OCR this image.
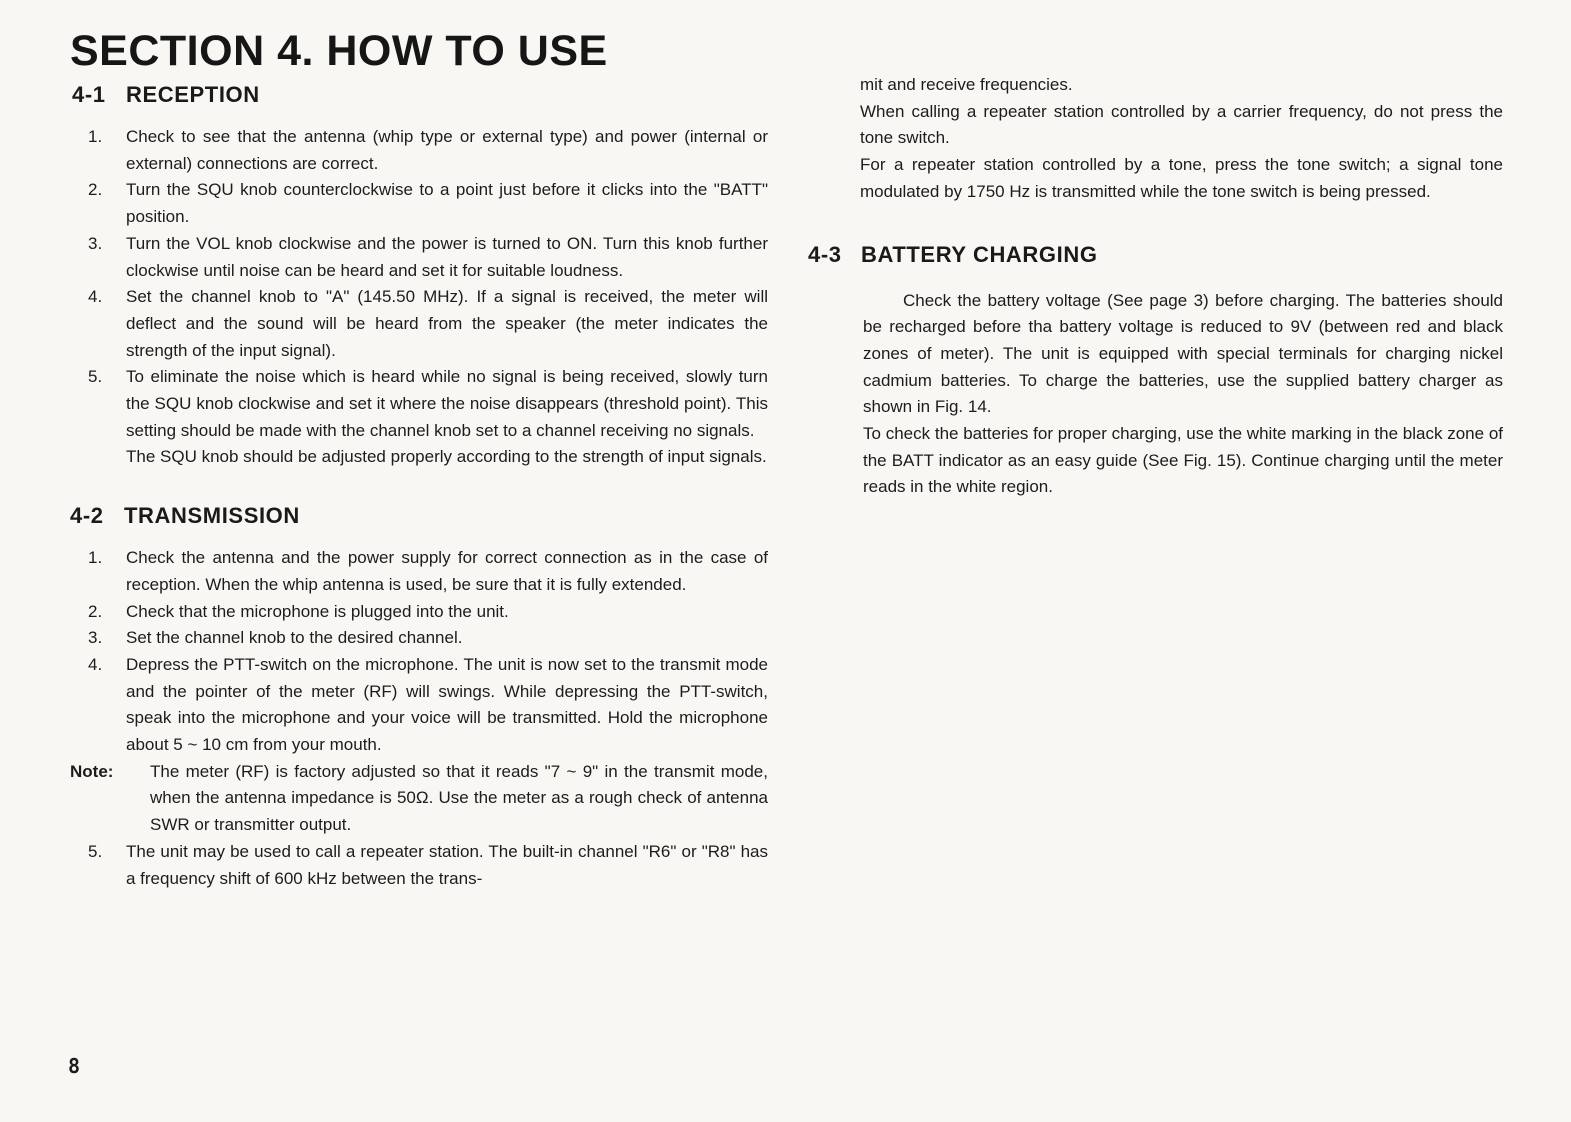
SECTION 4. HOW TO USE
4-1 RECEPTION
1.	Check to see that the antenna (whip type or external type) and power (internal or external) connections are correct.
2.	Turn the SQU knob counterclockwise to a point just before it clicks into the "BATT" position.
3.	Turn the VOL knob clockwise and the power is turned to ON. Turn this knob further clockwise until noise can be heard and set it for suitable loudness.
4.	Set the channel knob to "A" (145.50 MHz). If a signal is received, the meter will deflect and the sound will be heard from the speaker (the meter indicates the strength of the input signal).
5.	To eliminate the noise which is heard while no signal is being received, slowly turn the SQU knob clockwise and set it where the noise disappears (threshold point). This setting should be made with the channel knob set to a channel receiving no signals.

The SQU knob should be adjusted properly according to the strength of input signals.

4-2 TRANSMISSION
1.	Check the antenna and the power supply for correct connection as in the case of reception. When the whip antenna is used, be sure that it is fully extended.
2.	Check that the microphone is plugged into the unit.
3.	Set the channel knob to the desired channel.
4.	Depress the PTT-switch on the microphone. The unit is now set to the transmit mode and the pointer of the meter (RF) will swings. While depressing the PTT-switch, speak into the microphone and your voice will be transmitted. Hold the microphone about 5 ~ 10 cm from your mouth.
Note:	The meter (RF) is factory adjusted so that it reads "7 ~ 9" in the transmit mode, when the antenna impedance is 50Ω. Use the meter as a rough check of antenna SWR or transmitter output.
5.	The unit may be used to call a repeater station. The built-in channel "R6" or "R8" has a frequency shift of 600 kHz between the trans-

mit and receive frequencies.

When calling a repeater station controlled by a carrier frequency, do not press the tone switch.

For a repeater station controlled by a tone, press the tone switch; a signal tone modulated by 1750 Hz is transmitted while the tone switch is being pressed.

4-3 BATTERY CHARGING

Check the battery voltage (See page 3) before charging. The batteries should be recharged before tha battery voltage is reduced to 9V (between red and black zones of meter). The unit is equipped with special terminals for charging nickel cadmium batteries. To charge the batteries, use the supplied battery charger as shown in Fig. 14.

To check the batteries for proper charging, use the white marking in the black zone of the BATT indicator as an easy guide (See Fig. 15). Continue charging until the meter reads in the white region.

8
